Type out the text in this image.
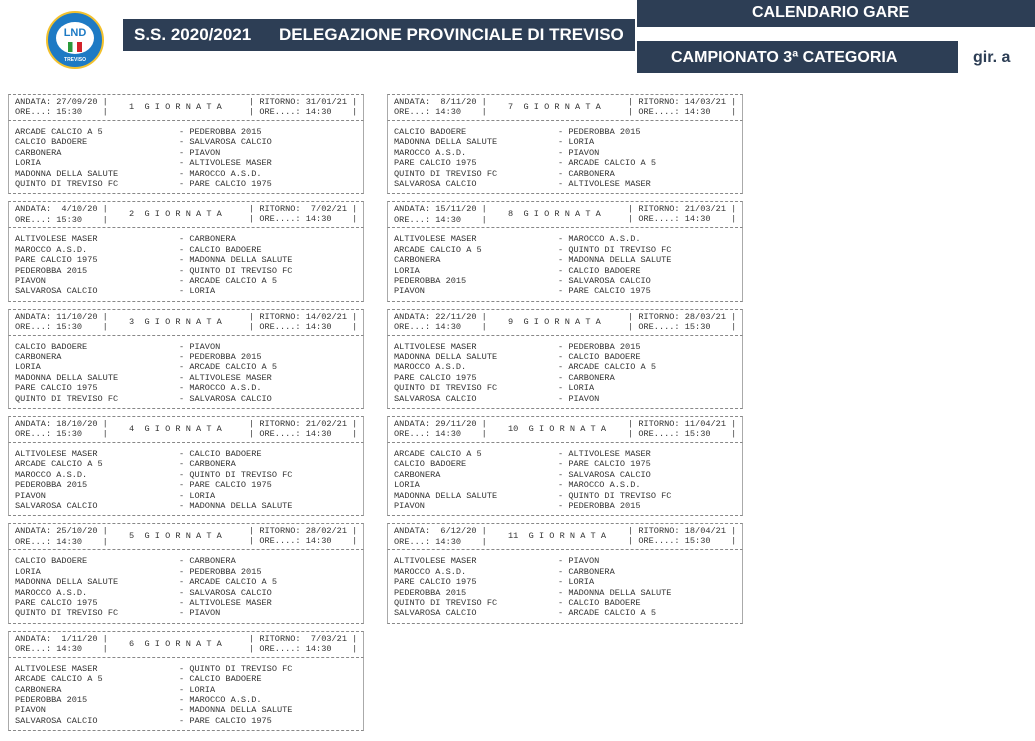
LND
TREVISO
S.S. 2020/2021 DELEGAZIONE PROVINCIALE DI TREVISO
CALENDARIO GARE
CAMPIONATO 3ª CATEGORIA	gir. a
ANDATA: 27/09/20 |
ORE...: 15:30    |
1  G I O R N A T A	| RITORNO: 31/01/21 |
| ORE....: 14:30    |
ARCADE CALCIO A 5	- PEDEROBBA 2015
CALCIO BADOERE	- SALVAROSA CALCIO
CARBONERA	- PIAVON
LORIA	- ALTIVOLESE MASER
MADONNA DELLA SALUTE	- MAROCCO A.S.D.
QUINTO DI TREVISO FC	- PARE CALCIO 1975
ANDATA:  4/10/20 |
ORE...: 15:30    |
2  G I O R N A T A	| RITORNO:  7/02/21 |
| ORE....: 14:30    |
ALTIVOLESE MASER	- CARBONERA
MAROCCO A.S.D.	- CALCIO BADOERE
PARE CALCIO 1975	- MADONNA DELLA SALUTE
PEDEROBBA 2015	- QUINTO DI TREVISO FC
PIAVON	- ARCADE CALCIO A 5
SALVAROSA CALCIO	- LORIA
ANDATA: 11/10/20 |
ORE...: 15:30    |
3  G I O R N A T A	| RITORNO: 14/02/21 |
| ORE....: 14:30    |
CALCIO BADOERE	- PIAVON
CARBONERA	- PEDEROBBA 2015
LORIA	- ARCADE CALCIO A 5
MADONNA DELLA SALUTE	- ALTIVOLESE MASER
PARE CALCIO 1975	- MAROCCO A.S.D.
QUINTO DI TREVISO FC	- SALVAROSA CALCIO
ANDATA: 18/10/20 |
ORE...: 15:30    |
4  G I O R N A T A	| RITORNO: 21/02/21 |
| ORE....: 14:30    |
ALTIVOLESE MASER	- CALCIO BADOERE
ARCADE CALCIO A 5	- CARBONERA
MAROCCO A.S.D.	- QUINTO DI TREVISO FC
PEDEROBBA 2015	- PARE CALCIO 1975
PIAVON	- LORIA
SALVAROSA CALCIO	- MADONNA DELLA SALUTE
ANDATA: 25/10/20 |
ORE...: 14:30    |
5  G I O R N A T A	| RITORNO: 28/02/21 |
| ORE....: 14:30    |
CALCIO BADOERE	- CARBONERA
LORIA	- PEDEROBBA 2015
MADONNA DELLA SALUTE	- ARCADE CALCIO A 5
MAROCCO A.S.D.	- SALVAROSA CALCIO
PARE CALCIO 1975	- ALTIVOLESE MASER
QUINTO DI TREVISO FC	- PIAVON
ANDATA:  1/11/20 |
ORE...: 14:30    |
6  G I O R N A T A	| RITORNO:  7/03/21 |
| ORE....: 14:30    |
ALTIVOLESE MASER	- QUINTO DI TREVISO FC
ARCADE CALCIO A 5	- CALCIO BADOERE
CARBONERA	- LORIA
PEDEROBBA 2015	- MAROCCO A.S.D.
PIAVON	- MADONNA DELLA SALUTE
SALVAROSA CALCIO	- PARE CALCIO 1975
ANDATA:  8/11/20 |
ORE...: 14:30    |
7  G I O R N A T A	| RITORNO: 14/03/21 |
| ORE....: 14:30    |
CALCIO BADOERE	- PEDEROBBA 2015
MADONNA DELLA SALUTE	- LORIA
MAROCCO A.S.D.	- PIAVON
PARE CALCIO 1975	- ARCADE CALCIO A 5
QUINTO DI TREVISO FC	- CARBONERA
SALVAROSA CALCIO	- ALTIVOLESE MASER
ANDATA: 15/11/20 |
ORE...: 14:30    |
8  G I O R N A T A	| RITORNO: 21/03/21 |
| ORE....: 14:30    |
ALTIVOLESE MASER	- MAROCCO A.S.D.
ARCADE CALCIO A 5	- QUINTO DI TREVISO FC
CARBONERA	- MADONNA DELLA SALUTE
LORIA	- CALCIO BADOERE
PEDEROBBA 2015	- SALVAROSA CALCIO
PIAVON	- PARE CALCIO 1975
ANDATA: 22/11/20 |
ORE...: 14:30    |
9  G I O R N A T A	| RITORNO: 28/03/21 |
| ORE....: 15:30    |
ALTIVOLESE MASER	- PEDEROBBA 2015
MADONNA DELLA SALUTE	- CALCIO BADOERE
MAROCCO A.S.D.	- ARCADE CALCIO A 5
PARE CALCIO 1975	- CARBONERA
QUINTO DI TREVISO FC	- LORIA
SALVAROSA CALCIO	- PIAVON
ANDATA: 29/11/20 |
ORE...: 14:30    |
10  G I O R N A T A	| RITORNO: 11/04/21 |
| ORE....: 15:30    |
ARCADE CALCIO A 5	- ALTIVOLESE MASER
CALCIO BADOERE	- PARE CALCIO 1975
CARBONERA	- SALVAROSA CALCIO
LORIA	- MAROCCO A.S.D.
MADONNA DELLA SALUTE	- QUINTO DI TREVISO FC
PIAVON	- PEDEROBBA 2015
ANDATA:  6/12/20 |
ORE...: 14:30    |
11  G I O R N A T A	| RITORNO: 18/04/21 |
| ORE....: 15:30    |
ALTIVOLESE MASER	- PIAVON
MAROCCO A.S.D.	- CARBONERA
PARE CALCIO 1975	- LORIA
PEDEROBBA 2015	- MADONNA DELLA SALUTE
QUINTO DI TREVISO FC	- CALCIO BADOERE
SALVAROSA CALCIO	- ARCADE CALCIO A 5
